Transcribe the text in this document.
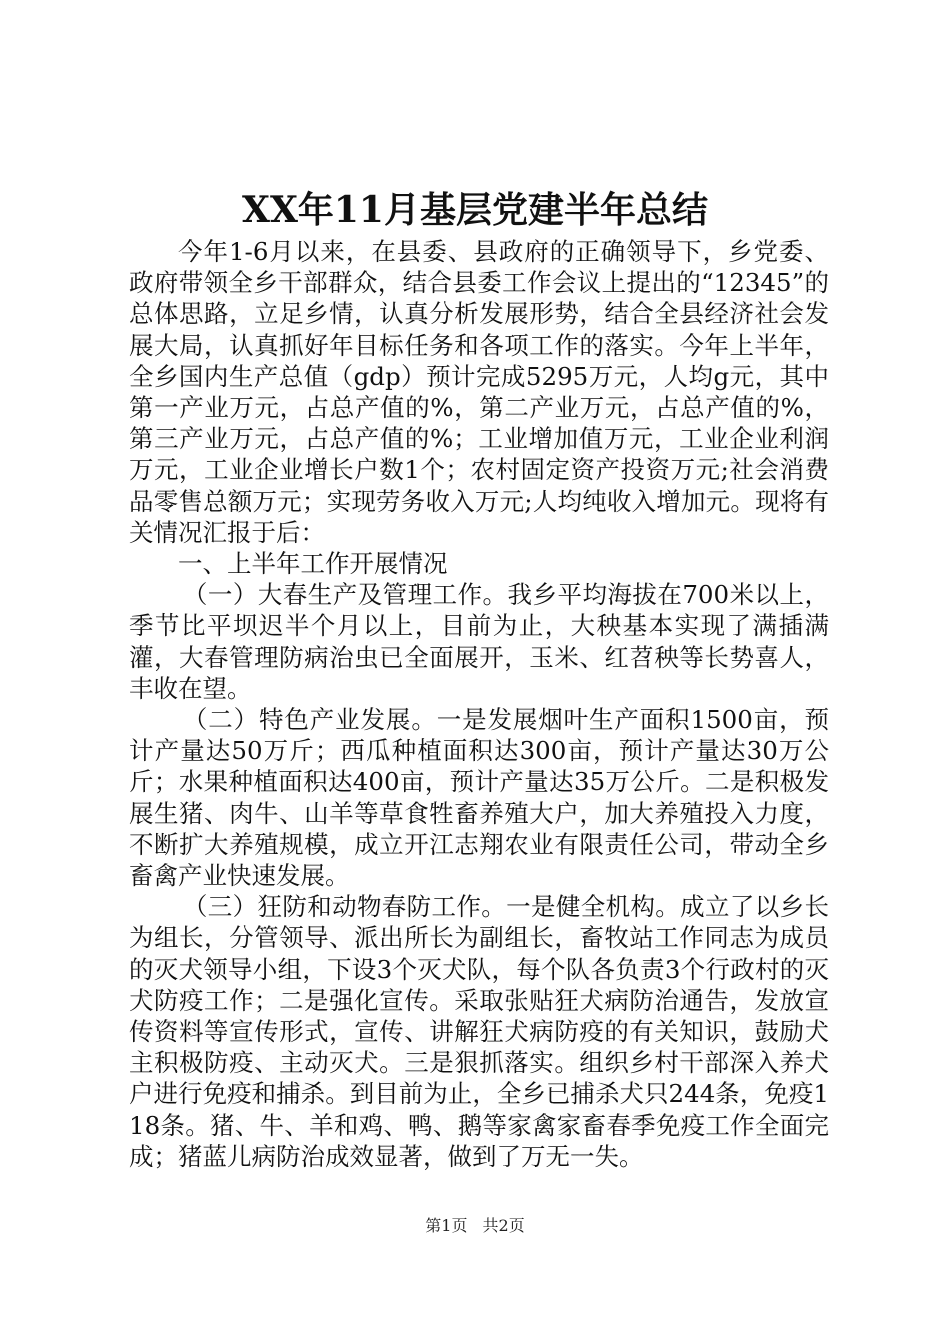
XX年11月基层党建半年总结

今年1-6月以来，在县委、县政府的正确领导下，乡党委、政府带领全乡干部群众，结合县委工作会议上提出的“12345”的总体思路，立足乡情，认真分析发展形势，结合全县经济社会发展大局，认真抓好年目标任务和各项工作的落实。今年上半年，全乡国内生产总值（gdp）预计完成5295万元，人均g元，其中第一产业万元，占总产值的%，第二产业万元，占总产值的%，第三产业万元，占总产值的%；工业增加值万元，工业企业利润万元，工业企业增长户数1个；农村固定资产投资万元;社会消费品零售总额万元；实现劳务收入万元;人均纯收入增加元。现将有关情况汇报于后：

一、上半年工作开展情况

（一）大春生产及管理工作。我乡平均海拔在700米以上，季节比平坝迟半个月以上，目前为止，大秧基本实现了满插满灌，大春管理防病治虫已全面展开，玉米、红苕秧等长势喜人，丰收在望。

（二）特色产业发展。一是发展烟叶生产面积1500亩，预计产量达50万斤；西瓜种植面积达300亩，预计产量达30万公斤；水果种植面积达400亩，预计产量达35万公斤。二是积极发展生猪、肉牛、山羊等草食牲畜养殖大户，加大养殖投入力度，不断扩大养殖规模，成立开江志翔农业有限责任公司，带动全乡畜禽产业快速发展。

（三）狂防和动物春防工作。一是健全机构。成立了以乡长为组长，分管领导、派出所长为副组长，畜牧站工作同志为成员的灭犬领导小组，下设3个灭犬队，每个队各负责3个行政村的灭犬防疫工作；二是强化宣传。采取张贴狂犬病防治通告，发放宣传资料等宣传形式，宣传、讲解狂犬病防疫的有关知识，鼓励犬主积极防疫、主动灭犬。三是狠抓落实。组织乡村干部深入养犬户进行免疫和捕杀。到目前为止，全乡已捕杀犬只244条，免疫118条。猪、牛、羊和鸡、鸭、鹅等家禽家畜春季免疫工作全面完成；猪蓝儿病防治成效显著，做到了万无一失。

第1页 共2页
